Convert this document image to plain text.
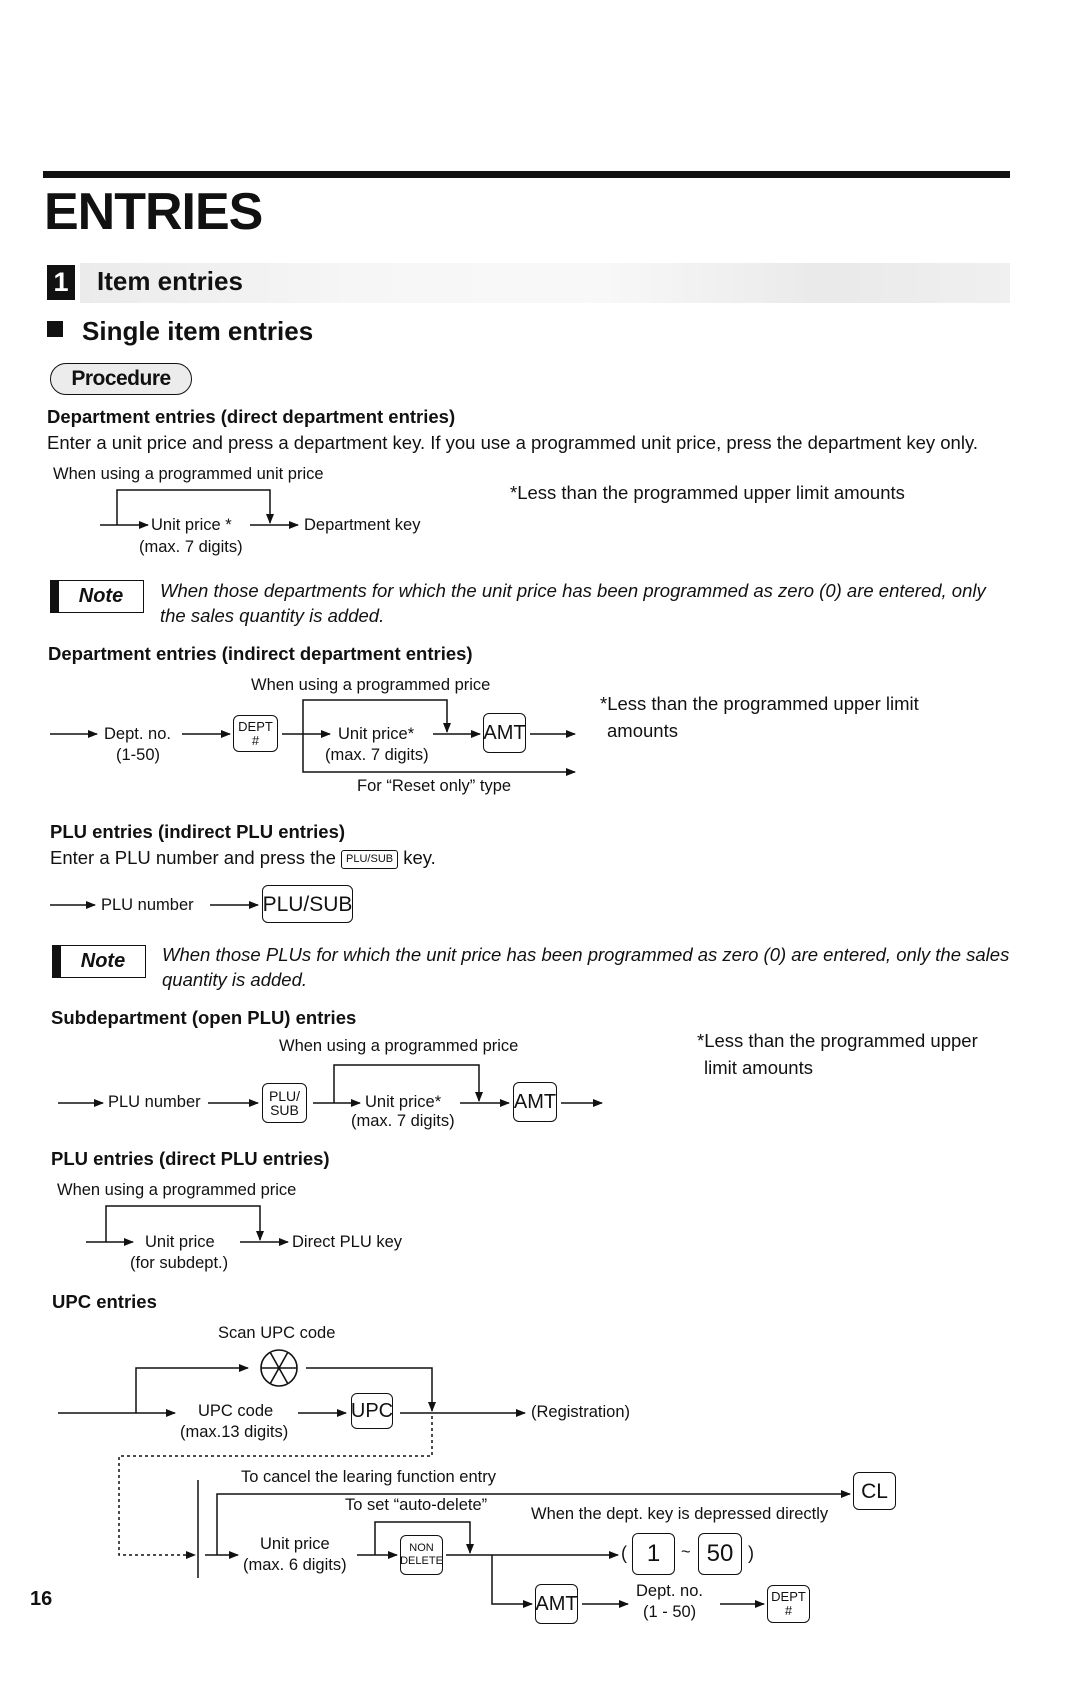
ENTRIES
1 Item entries
Single item entries
Procedure
Department entries (direct department entries)
Enter a unit price and press a department key. If you use a programmed unit price, press the department key only.
When using a programmed unit price
Unit price *
(max. 7 digits)
Department key
*Less than the programmed upper limit amounts
Note	When those departments for which the unit price has been programmed as zero (0) are entered, only the sales quantity is added.
Department entries (indirect department entries)
When using a programmed price
Dept. no.
(1-50)
DEPT
#	Unit price*
(max. 7 digits)
AMT
For “Reset only” type
*Less than the programmed upper limit
amounts
PLU entries (indirect PLU entries)
Enter a PLU number and press the PLU/SUB key.
PLU number	PLU/SUB
Note	When those PLUs for which the unit price has been programmed as zero (0) are entered, only the sales quantity is added.
Subdepartment (open PLU) entries
When using a programmed price
PLU number	PLU/
SUB	Unit price*
(max. 7 digits)
AMT
*Less than the programmed upper
limit amounts
PLU entries (direct PLU entries)
When using a programmed price
Unit price
(for subdept.)
Direct PLU key
UPC entries
Scan UPC code
UPC code
(max.13 digits)
UPC	(Registration)
To cancel the learing function entry
CL
To set “auto-delete”	When the dept. key is depressed directly
Unit price
(max. 6 digits)
NON
DELETE	( 1	~ 50 )
AMT
Dept. no.
(1 - 50)
DEPT
#
16
